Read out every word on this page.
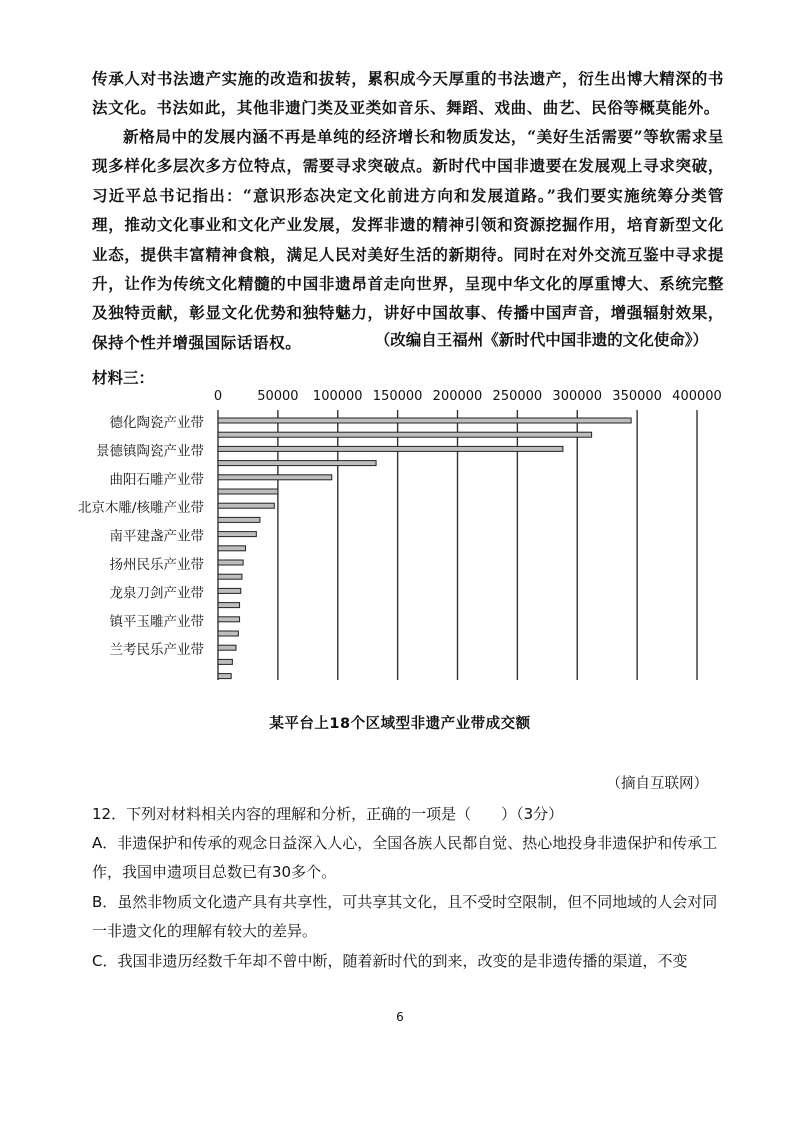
传承人对书法遗产实施的改造和拔转，累积成今天厚重的书法遗产，衍生出博大精深的书法文化。书法如此，其他非遗门类及亚类如音乐、舞蹈、戏曲、曲艺、民俗等概莫能外。
新格局中的发展内涵不再是单纯的经济增长和物质发达，“美好生活需要”等软需求呈现多样化多层次多方位特点，需要寻求突破点。新时代中国非遗要在发展观上寻求突破，习近平总书记指出：“意识形态决定文化前进方向和发展道路。”我们要实施统筹分类管理，推动文化事业和文化产业发展，发挥非遗的精神引领和资源挖掘作用，培育新型文化业态，提供丰富精神食粮，满足人民对美好生活的新期待。同时在对外交流互鉴中寻求提升，让作为传统文化精髓的中国非遗昂首走向世界，呈现中华文化的厚重博大、系统完整及独特贡献，彰显文化优势和独特魅力，讲好中国故事、传播中国声音，增强辐射效果，保持个性并增强国际话语权。	（改编自王福州《新时代中国非遗的文化使命》）
材料三：
0	50000 100000 150000 200000 250000 300000 350000 400000
德化陶瓷产业带
景德镇陶瓷产业带
曲阳石雕产业带
北京木雕/核雕产业带
南平建盏产业带
扬州民乐产业带
龙泉刀剑产业带
镇平玉雕产业带
兰考民乐产业带
某平台上18个区域型非遗产业带成交额
（摘自互联网）
12．下列对材料相关内容的理解和分析，正确的一项是（　　）（3分）
A．非遗保护和传承的观念日益深入人心，全国各族人民都自觉、热心地投身非遗保护和传承工作，我国申遗项目总数已有30多个。
B．虽然非物质文化遗产具有共享性，可共享其文化，且不受时空限制，但不同地域的人会对同一非遗文化的理解有较大的差异。
C．我国非遗历经数千年却不曾中断，随着新时代的到来，改变的是非遗传播的渠道，不变
6
